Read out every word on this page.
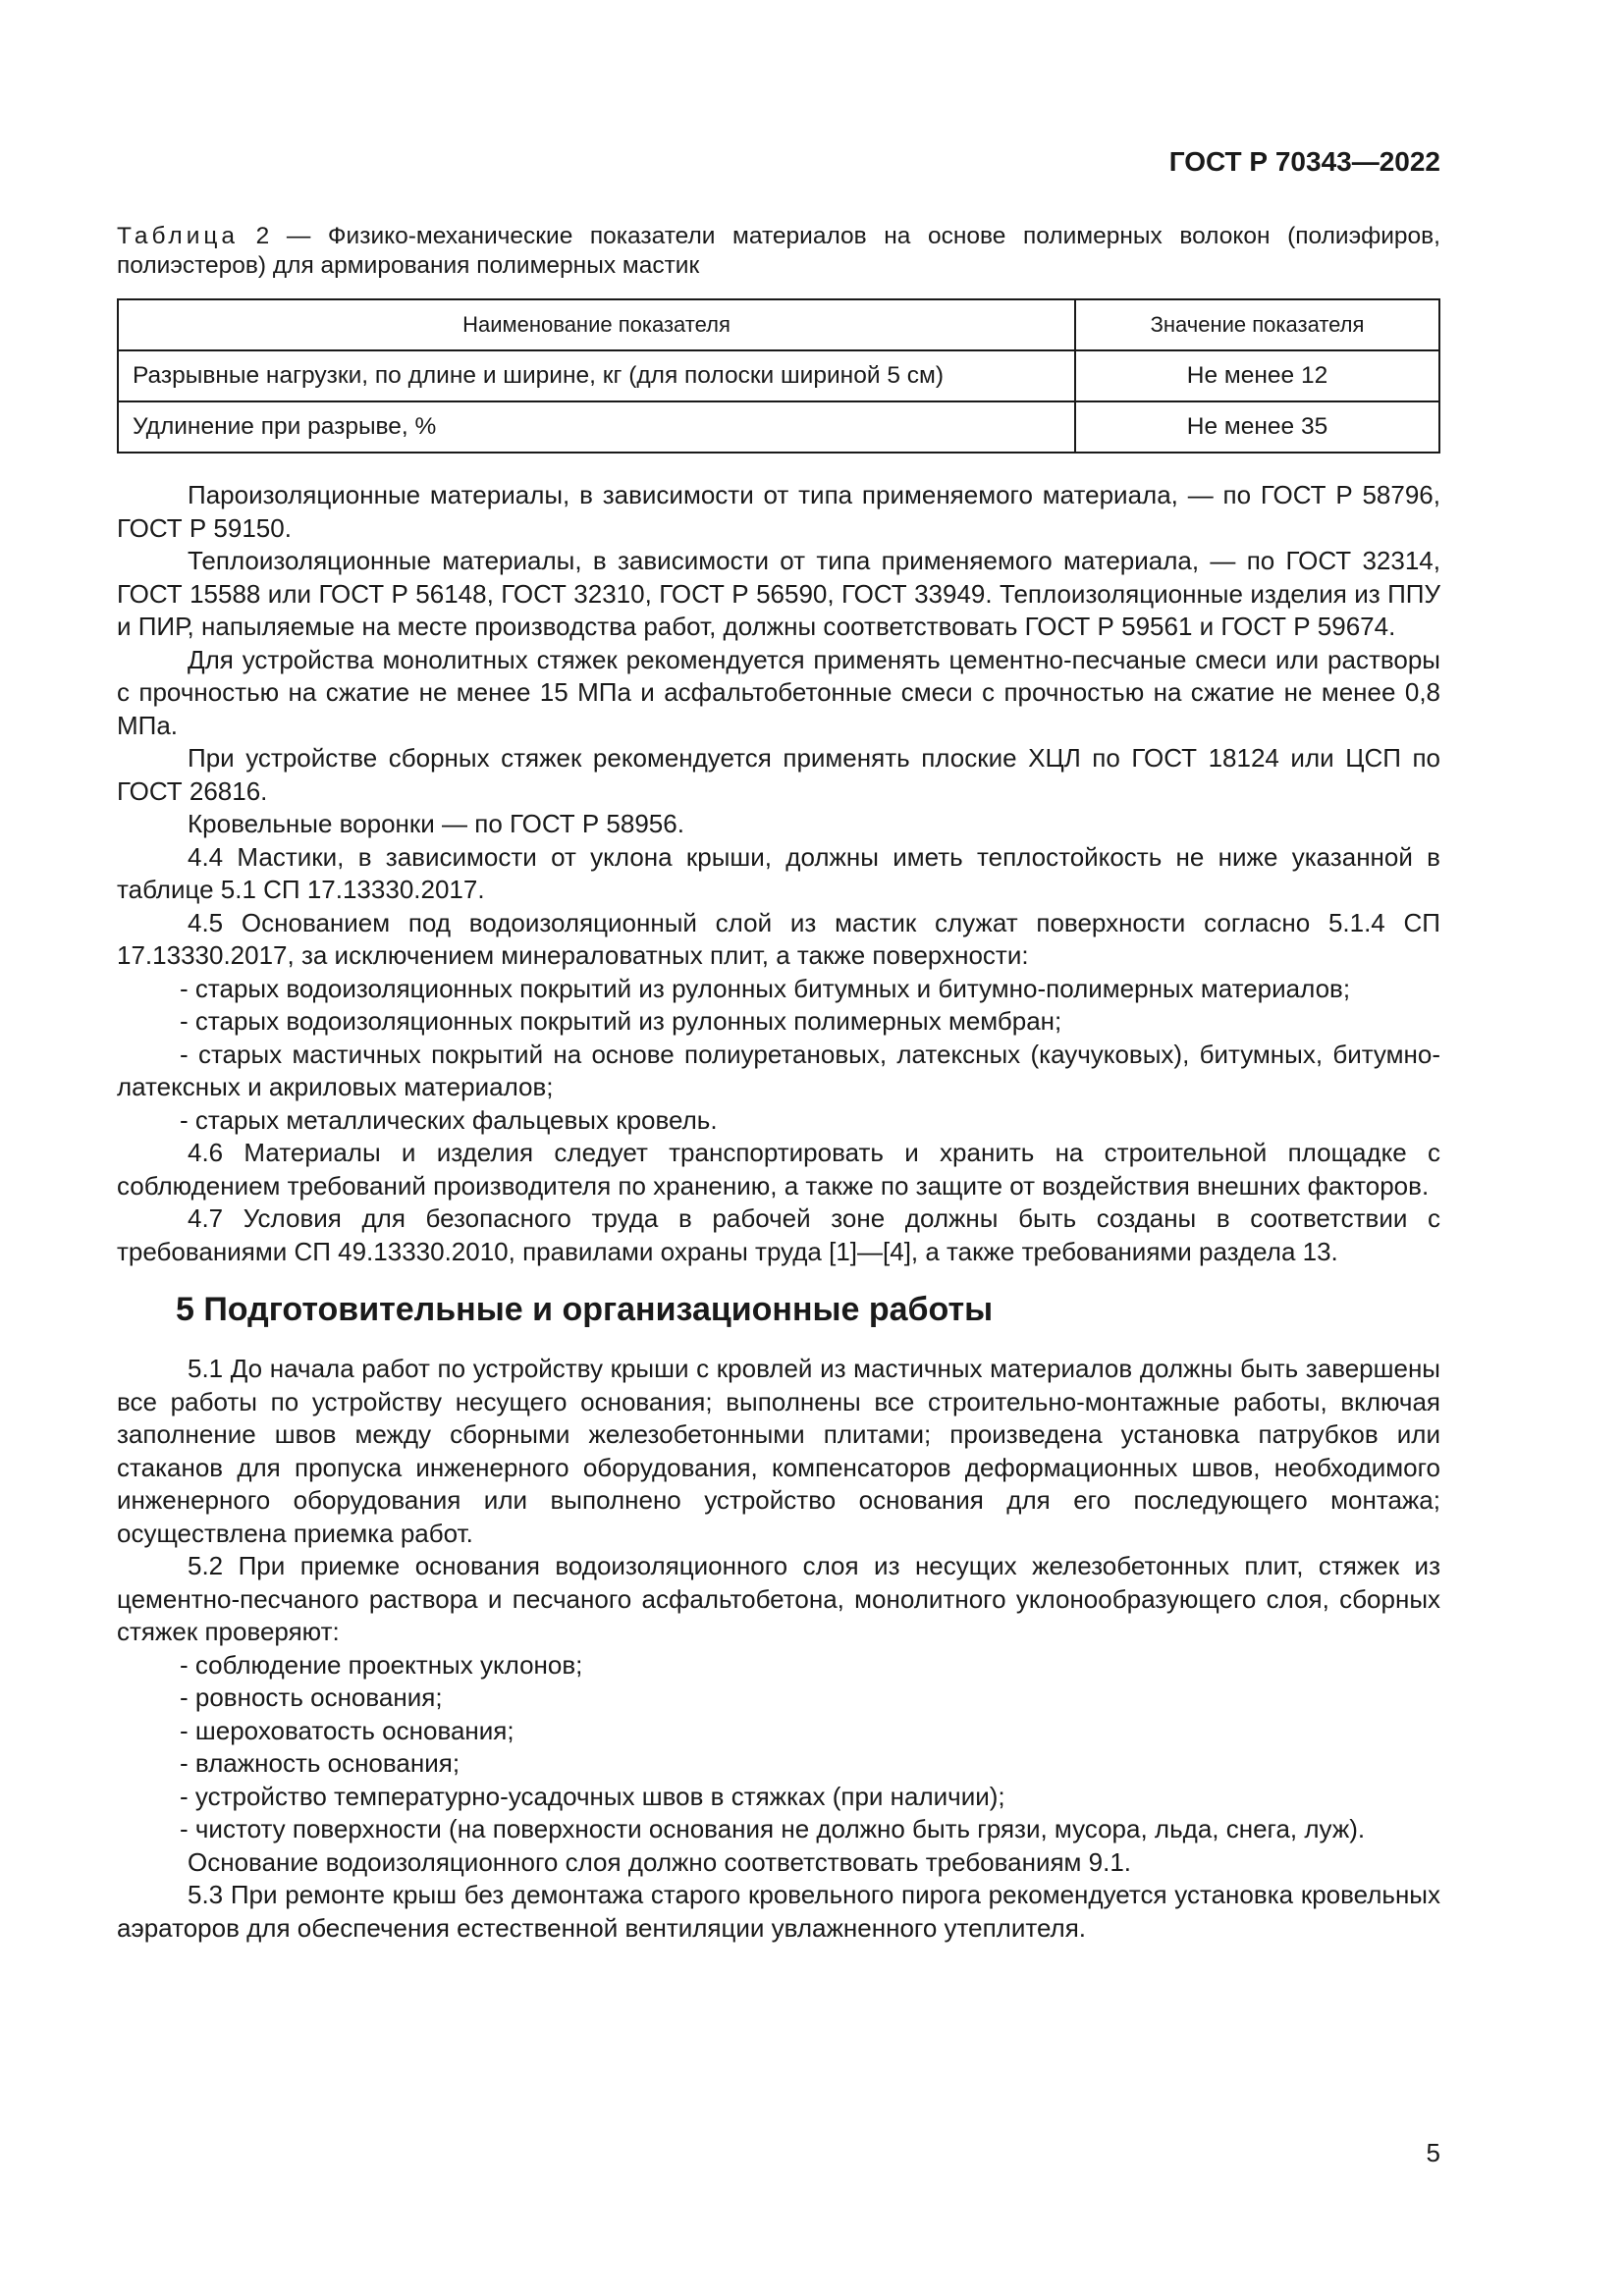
ГОСТ Р 70343—2022
Таблица 2 — Физико-механические показатели материалов на основе полимерных волокон (полиэфиров, полиэстеров) для армирования полимерных мастик
Наименование показателя	Значение показателя
Разрывные нагрузки, по длине и ширине, кг (для полоски шириной 5 см)	Не менее 12
Удлинение при разрыве, %	Не менее 35

Пароизоляционные материалы, в зависимости от типа применяемого материала, — по ГОСТ Р 58796, ГОСТ Р 59150.

Теплоизоляционные материалы, в зависимости от типа применяемого материала, — по ГОСТ 32314, ГОСТ 15588 или ГОСТ Р 56148, ГОСТ 32310, ГОСТ Р 56590, ГОСТ 33949. Теплоизоляционные изделия из ППУ и ПИР, напыляемые на месте производства работ, должны соответствовать ГОСТ Р 59561 и ГОСТ Р 59674.

Для устройства монолитных стяжек рекомендуется применять цементно-песчаные смеси или растворы с прочностью на сжатие не менее 15 МПа и асфальтобетонные смеси с прочностью на сжатие не менее 0,8 МПа.

При устройстве сборных стяжек рекомендуется применять плоские ХЦЛ по ГОСТ 18124 или ЦСП по ГОСТ 26816.

Кровельные воронки — по ГОСТ Р 58956.

4.4 Мастики, в зависимости от уклона крыши, должны иметь теплостойкость не ниже указанной в таблице 5.1 СП 17.13330.2017.

4.5 Основанием под водоизоляционный слой из мастик служат поверхности согласно 5.1.4 СП 17.13330.2017, за исключением минераловатных плит, а также поверхности:

- старых водоизоляционных покрытий из рулонных битумных и битумно-полимерных материалов;

- старых водоизоляционных покрытий из рулонных полимерных мембран;

- старых мастичных покрытий на основе полиуретановых, латексных (каучуковых), битумных, битумно-латексных и акриловых материалов;

- старых металлических фальцевых кровель.

4.6 Материалы и изделия следует транспортировать и хранить на строительной площадке с соблюдением требований производителя по хранению, а также по защите от воздействия внешних факторов.

4.7 Условия для безопасного труда в рабочей зоне должны быть созданы в соответствии с требованиями СП 49.13330.2010, правилами охраны труда [1]—[4], а также требованиями раздела 13.

5 Подготовительные и организационные работы

5.1 До начала работ по устройству крыши с кровлей из мастичных материалов должны быть завершены все работы по устройству несущего основания; выполнены все строительно-монтажные работы, включая заполнение швов между сборными железобетонными плитами; произведена установка патрубков или стаканов для пропуска инженерного оборудования, компенсаторов деформационных швов, необходимого инженерного оборудования или выполнено устройство основания для его последующего монтажа; осуществлена приемка работ.

5.2 При приемке основания водоизоляционного слоя из несущих железобетонных плит, стяжек из цементно-песчаного раствора и песчаного асфальтобетона, монолитного уклонообразующего слоя, сборных стяжек проверяют:

- соблюдение проектных уклонов;

- ровность основания;

- шероховатость основания;

- влажность основания;

- устройство температурно-усадочных швов в стяжках (при наличии);

- чистоту поверхности (на поверхности основания не должно быть грязи, мусора, льда, снега, луж).

Основание водоизоляционного слоя должно соответствовать требованиям 9.1.

5.3 При ремонте крыш без демонтажа старого кровельного пирога рекомендуется установка кровельных аэраторов для обеспечения естественной вентиляции увлажненного утеплителя.

5
